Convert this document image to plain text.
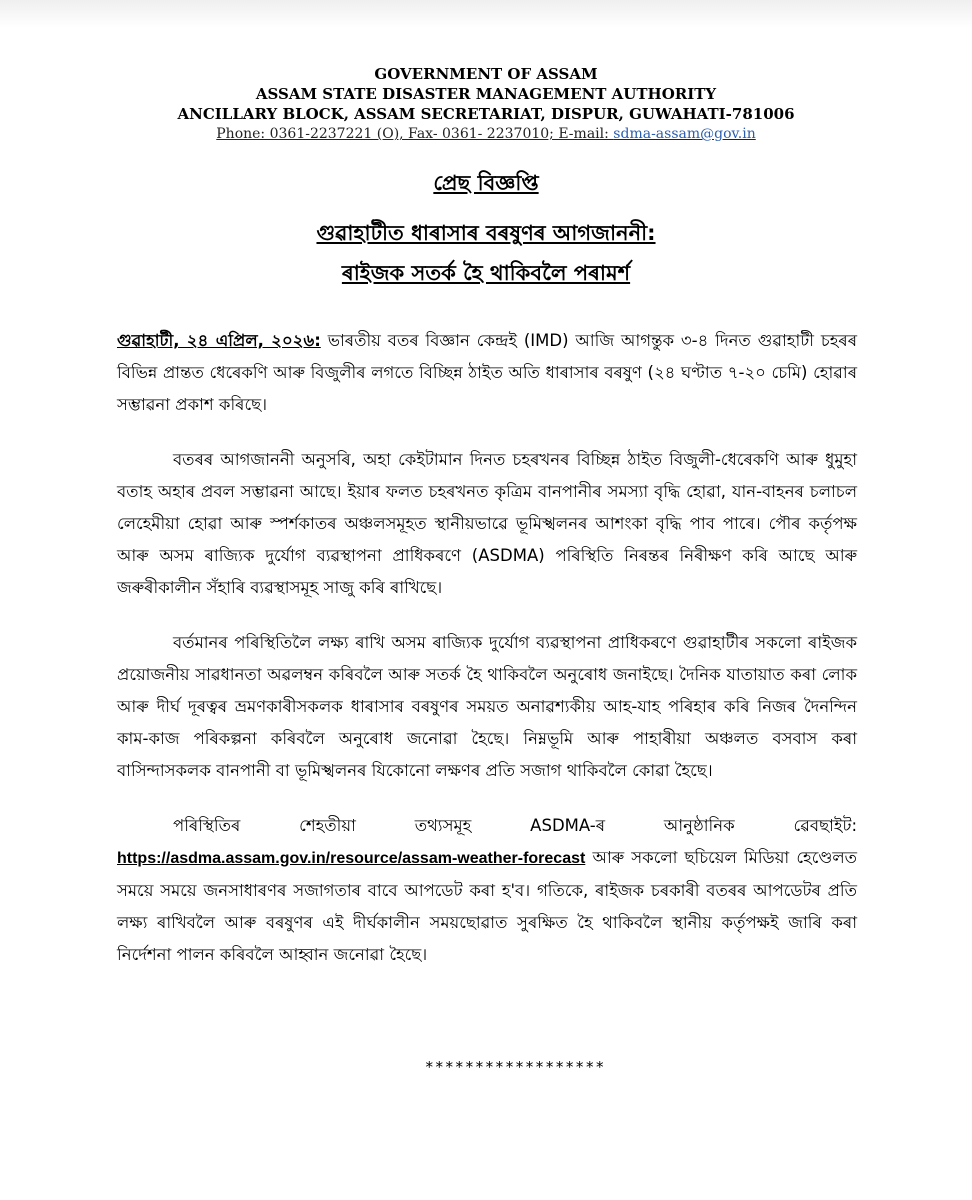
GOVERNMENT OF ASSAM
ASSAM STATE DISASTER MANAGEMENT AUTHORITY
ANCILLARY BLOCK, ASSAM SECRETARIAT, DISPUR, GUWAHATI-781006
Phone: 0361-2237221 (O), Fax- 0361- 2237010; E-mail: sdma-assam@gov.in
প্ৰেছ বিজ্ঞপ্তি
গুৱাহাটীত ধাৰাসাৰ বৰষুণৰ আগজাননী:
ৰাইজক সতৰ্ক হৈ থাকিবলৈ পৰামৰ্শ

গুৱাহাটী, ২৪ এপ্ৰিল, ২০২৬: ভাৰতীয় বতৰ বিজ্ঞান কেন্দ্ৰই (IMD) আজি আগন্তুক ৩-৪ দিনত গুৱাহাটী চহৰৰ বিভিন্ন প্ৰান্তত ধেৰেকণি আৰু বিজুলীৰ লগতে বিচ্ছিন্ন ঠাইত অতি ধাৰাসাৰ বৰষুণ (২৪ ঘণ্টাত ৭-২০ চেমি) হোৱাৰ সম্ভাৱনা প্ৰকাশ কৰিছে।

বতৰৰ আগজাননী অনুসৰি, অহা কেইটামান দিনত চহৰখনৰ বিচ্ছিন্ন ঠাইত বিজুলী-ধেৰেকণি আৰু ধুমুহা বতাহ অহাৰ প্ৰবল সম্ভাৱনা আছে। ইয়াৰ ফলত চহৰখনত কৃত্ৰিম বানপানীৰ সমস্যা বৃদ্ধি হোৱা, যান-বাহনৰ চলাচল লেহেমীয়া হোৱা আৰু স্পৰ্শকাতৰ অঞ্চলসমূহত স্থানীয়ভাৱে ভূমিস্খলনৰ আশংকা বৃদ্ধি পাব পাৰে। পৌৰ কৰ্তৃপক্ষ আৰু অসম ৰাজ্যিক দুৰ্যোগ ব্যৱস্থাপনা প্ৰাধিকৰণে (ASDMA) পৰিস্থিতি নিৰন্তৰ নিৰীক্ষণ কৰি আছে আৰু জৰুৰীকালীন সঁহাৰি ব্যৱস্থাসমূহ সাজু কৰি ৰাখিছে।

বৰ্তমানৰ পৰিস্থিতিলৈ লক্ষ্য ৰাখি অসম ৰাজ্যিক দুৰ্যোগ ব্যৱস্থাপনা প্ৰাধিকৰণে গুৱাহাটীৰ সকলো ৰাইজক প্ৰয়োজনীয় সাৱধানতা অৱলম্বন কৰিবলৈ আৰু সতৰ্ক হৈ থাকিবলৈ অনুৰোধ জনাইছে। দৈনিক যাতায়াত কৰা লোক আৰু দীৰ্ঘ দূৰত্বৰ ভ্ৰমণকাৰীসকলক ধাৰাসাৰ বৰষুণৰ সময়ত অনাৱশ্যকীয় আহ-যাহ পৰিহাৰ কৰি নিজৰ দৈনন্দিন কাম-কাজ পৰিকল্পনা কৰিবলৈ অনুৰোধ জনোৱা হৈছে। নিম্নভূমি আৰু পাহাৰীয়া অঞ্চলত বসবাস কৰা বাসিন্দাসকলক বানপানী বা ভূমিস্খলনৰ যিকোনো লক্ষণৰ প্ৰতি সজাগ থাকিবলৈ কোৱা হৈছে।

পৰিস্থিতিৰ শেহতীয়া তথ্যসমূহ ASDMA-ৰ আনুষ্ঠানিক ৱেবছাইট: https://asdma.assam.gov.in/resource/assam-weather-forecast আৰু সকলো ছচিয়েল মিডিয়া হেণ্ডেলত সময়ে সময়ে জনসাধাৰণৰ সজাগতাৰ বাবে আপডেট কৰা হ'ব। গতিকে, ৰাইজক চৰকাৰী বতৰৰ আপডেটৰ প্ৰতি লক্ষ্য ৰাখিবলৈ আৰু বৰষুণৰ এই দীৰ্ঘকালীন সময়ছোৱাত সুৰক্ষিত হৈ থাকিবলৈ স্থানীয় কৰ্তৃপক্ষই জাৰি কৰা নিৰ্দেশনা পালন কৰিবলৈ আহ্বান জনোৱা হৈছে।

******************
